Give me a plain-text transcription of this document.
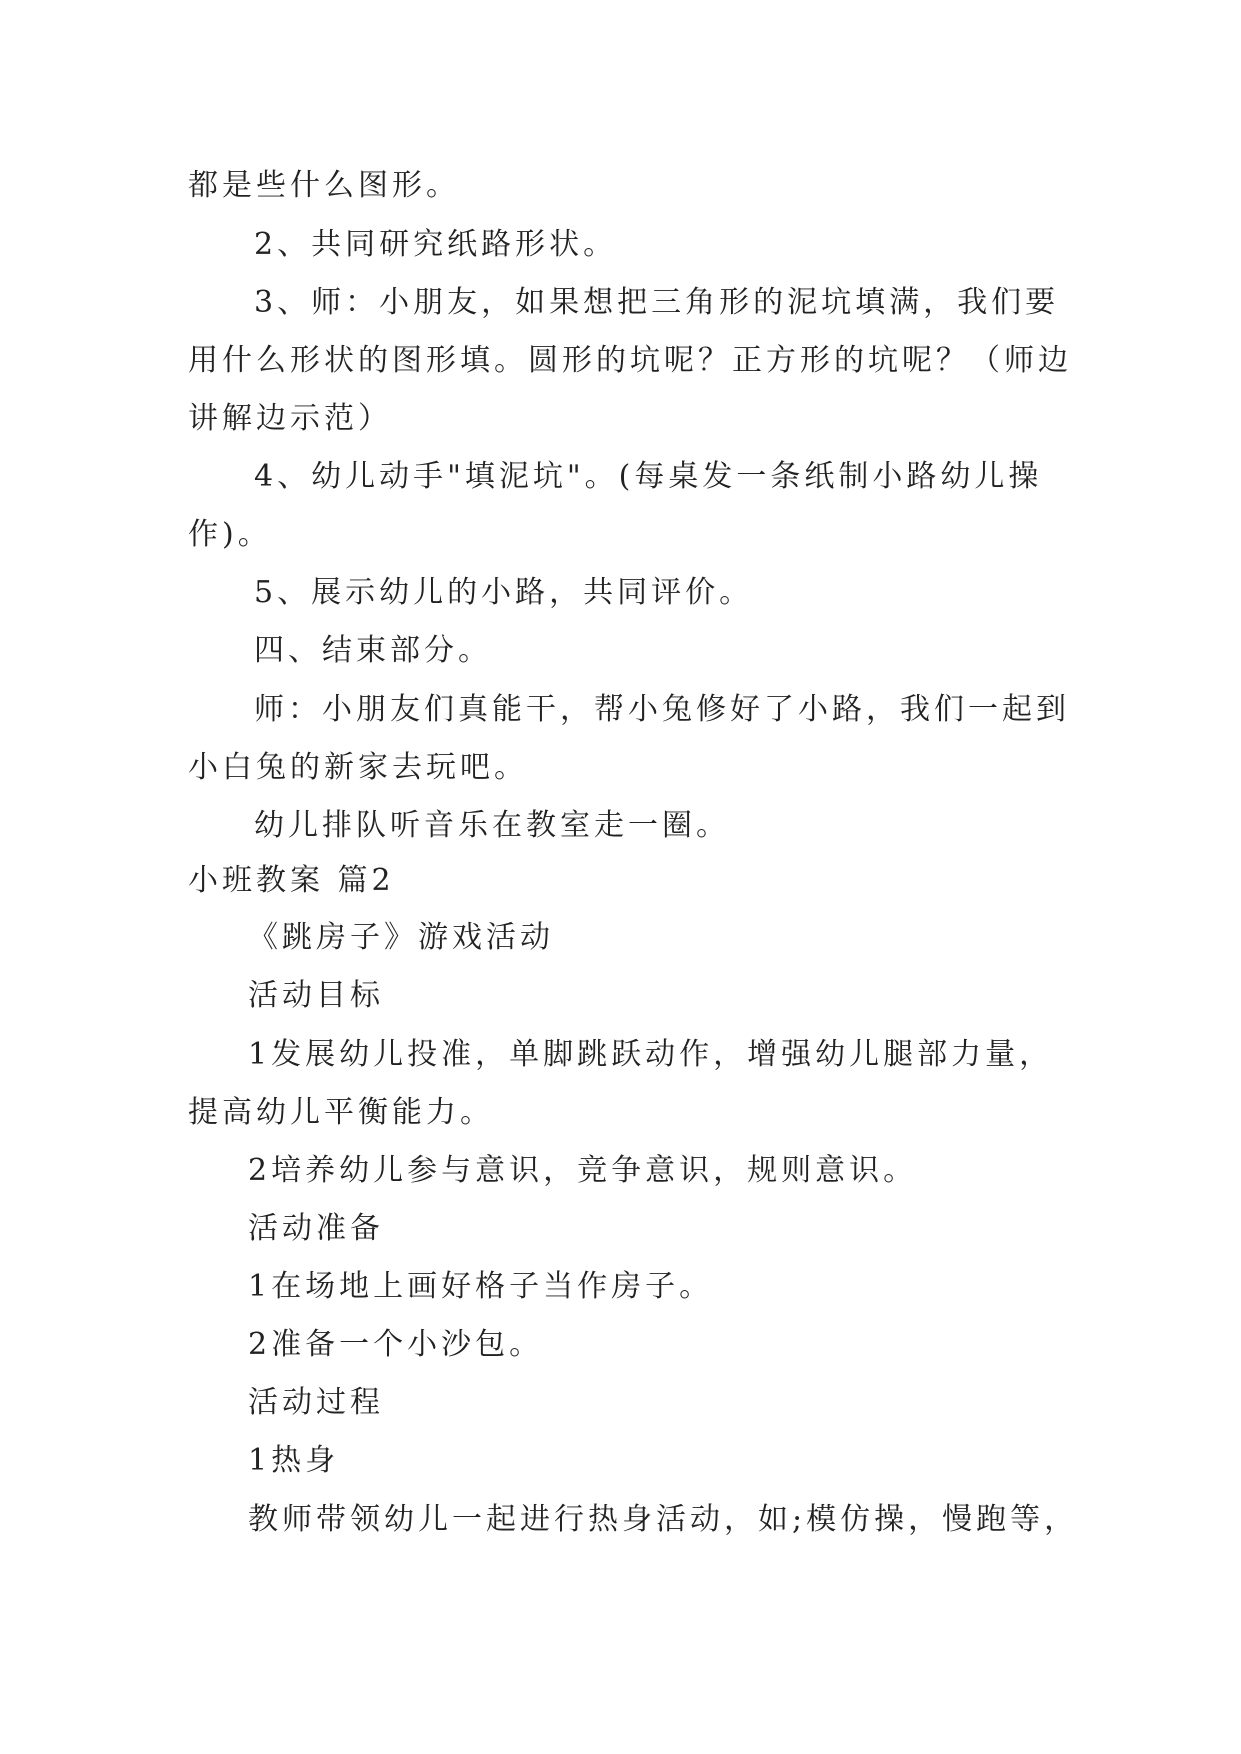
都是些什么图形。
2、共同研究纸路形状。
3、师：小朋友，如果想把三角形的泥坑填满，我们要
用什么形状的图形填。圆形的坑呢？正方形的坑呢？（师边
讲解边示范）
4、幼儿动手"填泥坑"。(每桌发一条纸制小路幼儿操
作)。
5、展示幼儿的小路，共同评价。
四、结束部分。
师：小朋友们真能干，帮小兔修好了小路，我们一起到
小白兔的新家去玩吧。
幼儿排队听音乐在教室走一圈。
小班教案 篇2
《跳房子》游戏活动
活动目标
1发展幼儿投准，单脚跳跃动作，增强幼儿腿部力量，
提高幼儿平衡能力。
2培养幼儿参与意识，竞争意识，规则意识。
活动准备
1在场地上画好格子当作房子。
2准备一个小沙包。
活动过程
1热身
教师带领幼儿一起进行热身活动，如;模仿操，慢跑等，
